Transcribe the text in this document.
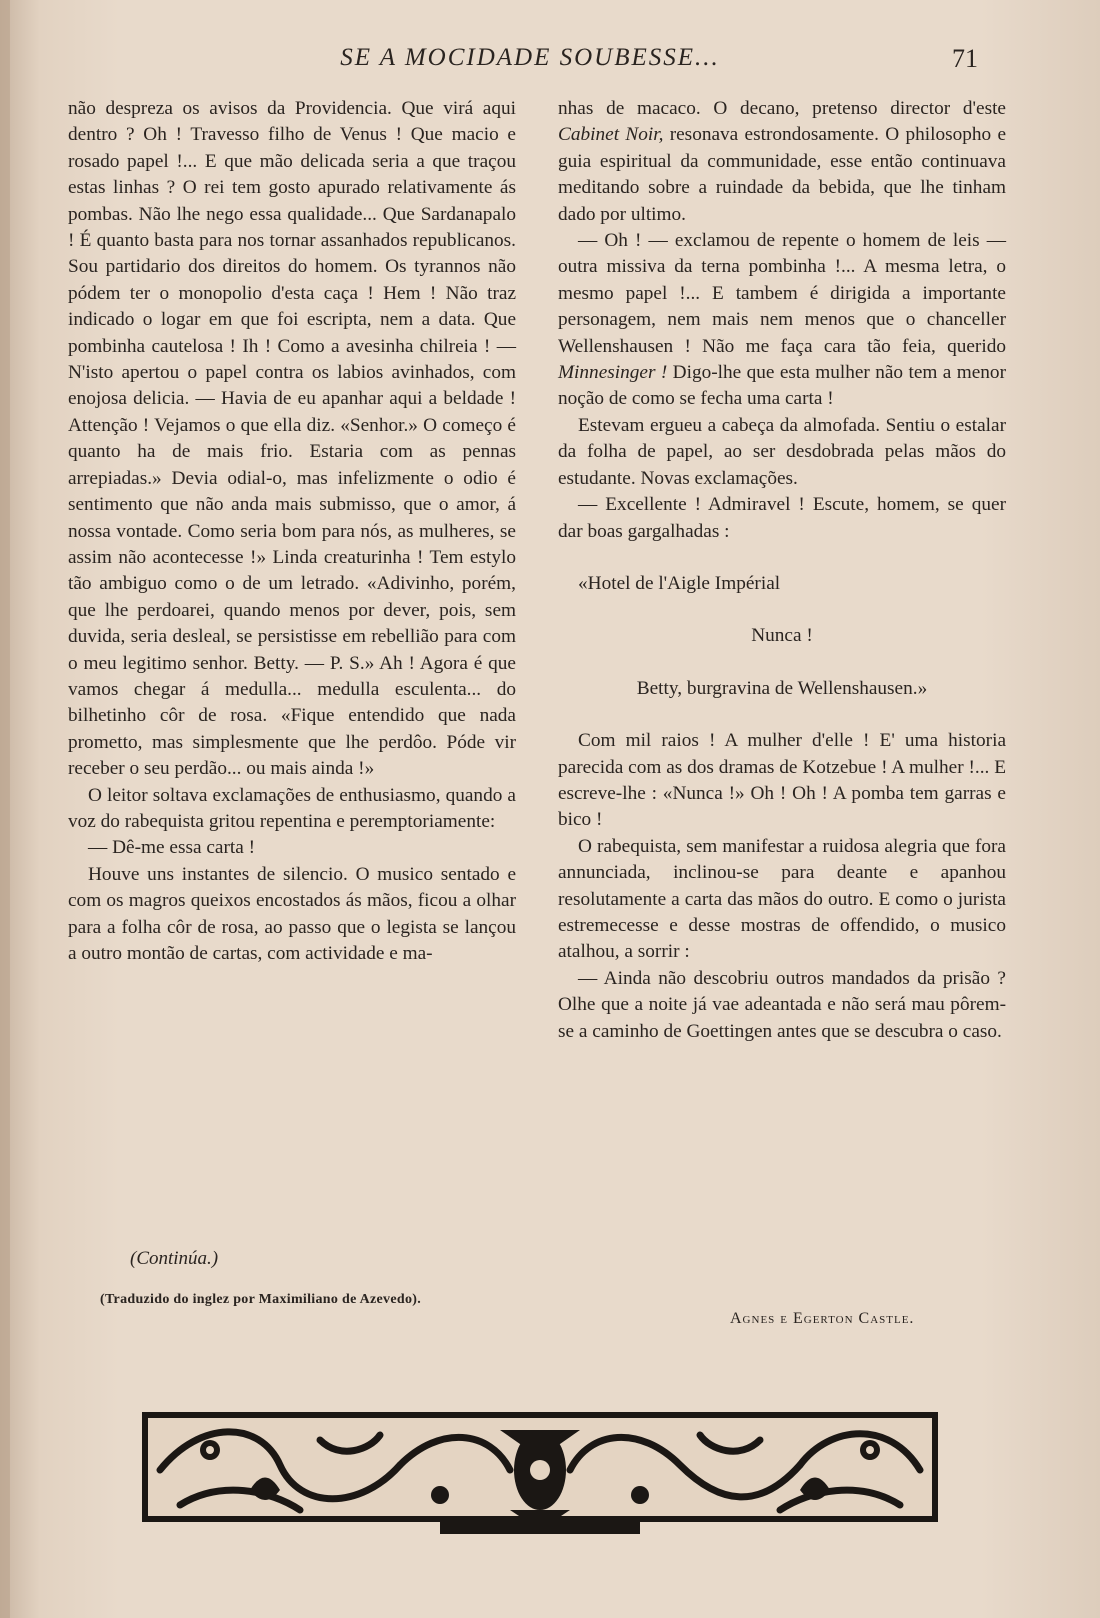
SE A MOCIDADE SOUBESSE...	71

não despreza os avisos da Providencia. Que virá aqui dentro ? Oh ! Travesso filho de Venus ! Que macio e rosado papel !... E que mão delicada seria a que traçou estas linhas ? O rei tem gosto apurado relativamente ás pombas. Não lhe nego essa qualidade... Que Sardanapalo ! É quanto basta para nos tornar assanhados republicanos. Sou partidario dos direitos do homem. Os tyrannos não pódem ter o monopolio d'esta caça ! Hem ! Não traz indicado o logar em que foi escripta, nem a data. Que pombinha cautelosa ! Ih ! Como a avesinha chilreia ! — N'isto apertou o papel contra os labios avinhados, com enojosa delicia. — Havia de eu apanhar aqui a beldade ! Attenção ! Vejamos o que ella diz. «Senhor.» O começo é quanto ha de mais frio. Estaria com as pennas arrepiadas.» Devia odial-o, mas infelizmente o odio é sentimento que não anda mais submisso, que o amor, á nossa vontade. Como seria bom para nós, as mulheres, se assim não acontecesse !» Linda creaturinha ! Tem estylo tão ambiguo como o de um letrado. «Adivinho, porém, que lhe perdoarei, quando menos por dever, pois, sem duvida, seria desleal, se persistisse em rebellião para com o meu legitimo senhor. Betty. — P. S.» Ah ! Agora é que vamos chegar á medulla... medulla esculenta... do bilhetinho côr de rosa. «Fique entendido que nada prometto, mas simplesmente que lhe perdôo. Póde vir receber o seu perdão... ou mais ainda !»

O leitor soltava exclamações de enthusiasmo, quando a voz do rabequista gritou repentina e peremptoriamente:

— Dê-me essa carta !

Houve uns instantes de silencio. O musico sentado e com os magros queixos encostados ás mãos, ficou a olhar para a folha côr de rosa, ao passo que o legista se lançou a outro montão de cartas, com actividade e ma-

nhas de macaco. O decano, pretenso director d'este Cabinet Noir, resonava estrondosamente. O philosopho e guia espiritual da communidade, esse então continuava meditando sobre a ruindade da bebida, que lhe tinham dado por ultimo.

— Oh ! — exclamou de repente o homem de leis — outra missiva da terna pombinha !... A mesma letra, o mesmo papel !... E tambem é dirigida a importante personagem, nem mais nem menos que o chanceller Wellenshausen ! Não me faça cara tão feia, querido Minnesinger ! Digo-lhe que esta mulher não tem a menor noção de como se fecha uma carta !

Estevam ergueu a cabeça da almofada. Sentiu o estalar da folha de papel, ao ser desdobrada pelas mãos do estudante. Novas exclamações.

— Excellente ! Admiravel ! Escute, homem, se quer dar boas gargalhadas :

«Hotel de l'Aigle Impérial

Nunca !

Betty, burgravina de Wellenshausen.»

Com mil raios ! A mulher d'elle ! E' uma historia parecida com as dos dramas de Kotzebue ! A mulher !... E escreve-lhe : «Nunca !» Oh ! Oh ! A pomba tem garras e bico !

O rabequista, sem manifestar a ruidosa alegria que fora annunciada, inclinou-se para deante e apanhou resolutamente a carta das mãos do outro. E como o jurista estremecesse e desse mostras de offendido, o musico atalhou, a sorrir :

— Ainda não descobriu outros mandados da prisão ? Olhe que a noite já vae adeantada e não será mau pôrem-se a caminho de Goettingen antes que se descubra o caso.

(Continúa.)
(Traduzido do inglez por Maximiliano de Azevedo).
Agnes e Egerton Castle.
